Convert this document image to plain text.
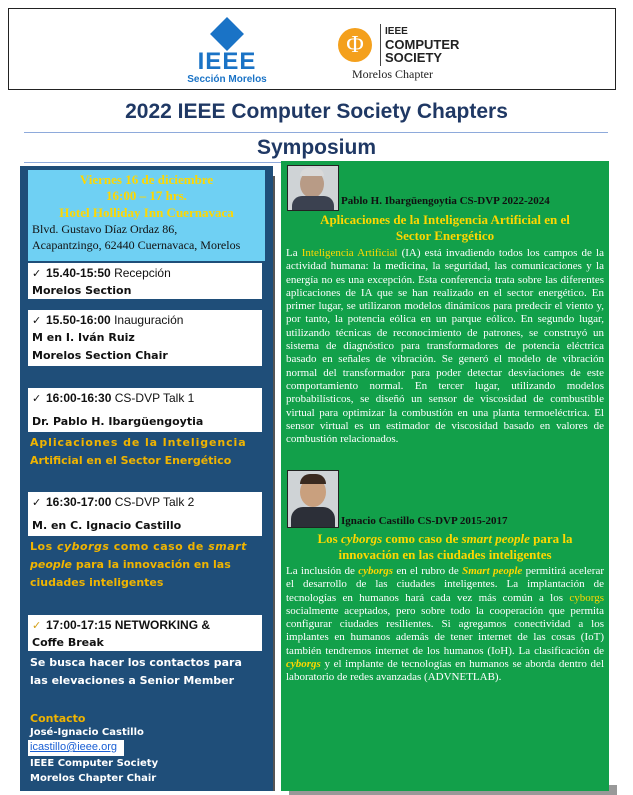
IEEE
Sección Morelos
Φ
IEEE
COMPUTER
SOCIETY
Morelos Chapter
2022 IEEE Computer Society Chapters
Symposium
Viernes 16 de diciembre
16:00 – 17 hrs.
Hotel Holliday Inn Cuernavaca
Blvd. Gustavo Díaz Ordaz 86,
Acapantzingo, 62440 Cuernavaca, Morelos
✓ 15.40-15:50 Recepción
Morelos Section
✓ 15.50-16:00 Inauguración
M en I. Iván Ruiz
Morelos Section Chair
✓ 16:00-16:30 CS-DVP Talk 1
Dr. Pablo H. Ibargüengoytia
Aplicaciones de la Inteligencia
Artificial en el Sector Energético
✓ 16:30-17:00 CS-DVP Talk 2
M. en C. Ignacio Castillo
Los cyborgs como caso de smart
people para la innovación en las
ciudades inteligentes
✓ 17:00-17:15 NETWORKING &
Coffe Break
Se busca hacer los contactos para
las elevaciones a Senior Member
Contacto
José-Ignacio Castillo
icastillo@ieee.org
IEEE Computer Society
Morelos Chapter Chair
Pablo H. Ibargüengoytia CS-DVP 2022-2024
Aplicaciones de la Inteligencia Artificial en el
Sector Energético
La Inteligencia Artificial (IA) está invadiendo todos los campos de la actividad humana: la medicina, la seguridad, las comunicaciones y la energía no es una excepción. Esta conferencia trata sobre las diferentes aplicaciones de IA que se han realizado en el sector energético. En primer lugar, se utilizaron modelos dinámicos para predecir el viento y, por tanto, la potencia eólica en un parque eólico. En segundo lugar, utilizando técnicas de reconocimiento de patrones, se construyó un sistema de diagnóstico para transformadores de potencia eléctrica basado en señales de vibración. Se generó el modelo de vibración normal del transformador para poder detectar desviaciones de este comportamiento normal. En tercer lugar, utilizando modelos probabilísticos, se diseñó un sensor de viscosidad de combustible virtual para optimizar la combustión en una planta termoeléctrica. El sensor virtual es un estimador de viscosidad basado en valores de combustión relacionados.
Ignacio Castillo CS-DVP 2015-2017
Los cyborgs como caso de smart people para la
innovación en las ciudades inteligentes
La inclusión de cyborgs en el rubro de Smart people permitirá acelerar el desarrollo de las ciudades inteligentes. La implantación de tecnologías en humanos hará cada vez más común a los cyborgs socialmente aceptados, pero sobre todo la cooperación que permita configurar ciudades resilientes. Si agregamos conectividad a los implantes en humanos además de tener internet de las cosas (IoT) también tendremos internet de los humanos (IoH). La clasificación de cyborgs y el implante de tecnologías en humanos se aborda dentro del laboratorio de redes avanzadas (ADVNETLAB).
